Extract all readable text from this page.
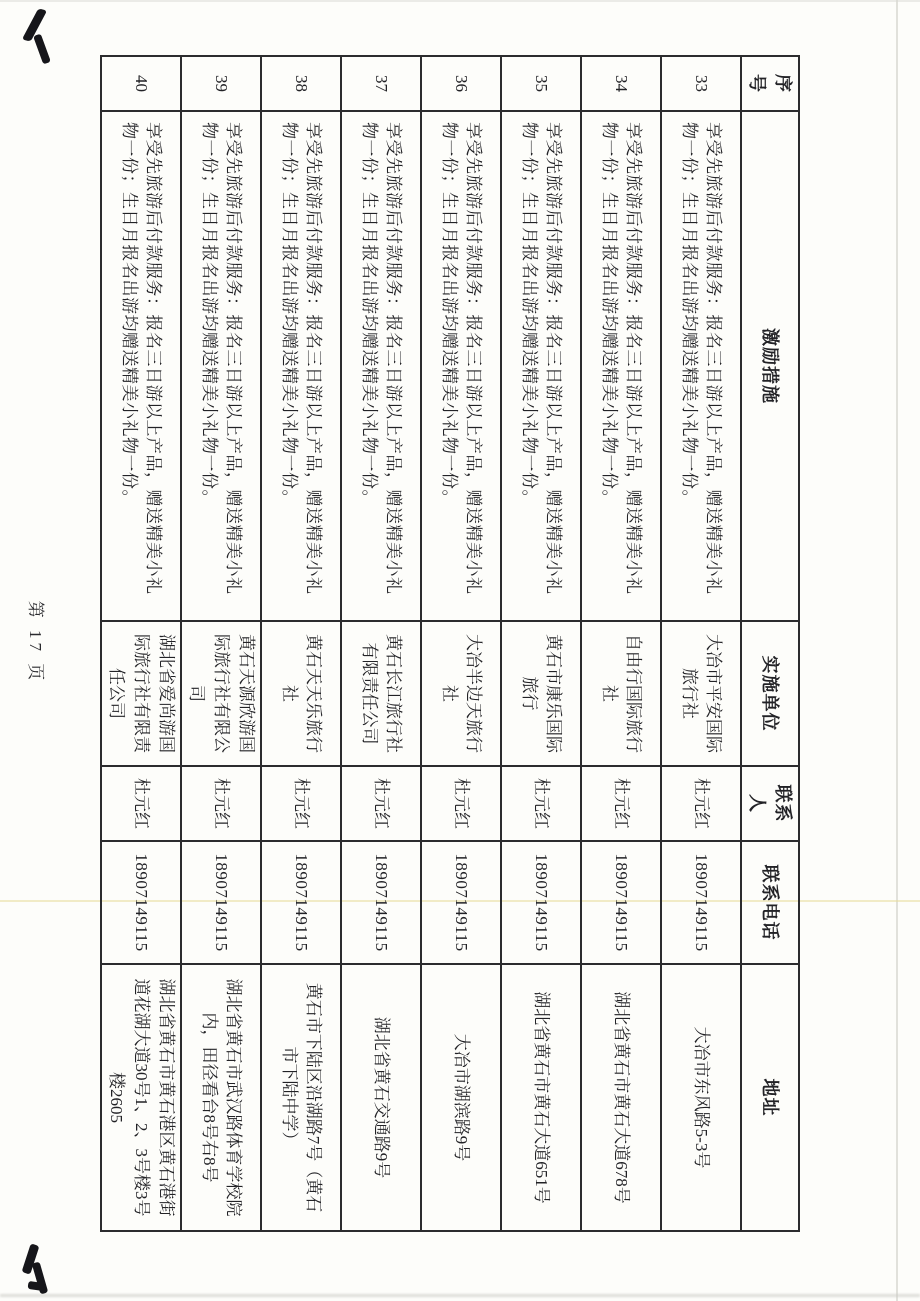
序号	激励措施	实施单位	联系人	联系电话	地址
33	享受先旅游后付款服务：报名三日游以上产品，赠送精美小礼物一份；生日月报名出游均赠送精美小礼物一份。	大冶市平安国际旅行社	杜元红	18907149115	大冶市东风路5-3号
34	享受先旅游后付款服务：报名三日游以上产品，赠送精美小礼物一份；生日月报名出游均赠送精美小礼物一份。	自由行国际旅行社	杜元红	18907149115	湖北省黄石市黄石大道678号
35	享受先旅游后付款服务：报名三日游以上产品，赠送精美小礼物一份；生日月报名出游均赠送精美小礼物一份。	黄石市康乐国际旅行	杜元红	18907149115	湖北省黄石市黄石大道651号
36	享受先旅游后付款服务：报名三日游以上产品，赠送精美小礼物一份；生日月报名出游均赠送精美小礼物一份。	大冶半边天旅行社	杜元红	18907149115	大冶市湖滨路9号
37	享受先旅游后付款服务：报名三日游以上产品，赠送精美小礼物一份；生日月报名出游均赠送精美小礼物一份。	黄石长江旅行社有限责任公司	杜元红	18907149115	湖北省黄石交通路9号
38	享受先旅游后付款服务：报名三日游以上产品，赠送精美小礼物一份；生日月报名出游均赠送精美小礼物一份。	黄石天天乐旅行社	杜元红	18907149115	黄石市下陆区沿湖路7号（黄石市下陆中学）
39	享受先旅游后付款服务：报名三日游以上产品，赠送精美小礼物一份；生日月报名出游均赠送精美小礼物一份。	黄石天源欣游国际旅行社有限公司	杜元红	18907149115	湖北省黄石市武汉路体育学校院内，田径看台8号右8号
40	享受先旅游后付款服务：报名三日游以上产品，赠送精美小礼物一份；生日月报名出游均赠送精美小礼物一份。	湖北省爱尚游国际旅行社有限责任公司	杜元红	18907149115	湖北省黄石市黄石港区黄石港街道花湖大道30号1、2、3号楼3号楼2605
第 17 页
